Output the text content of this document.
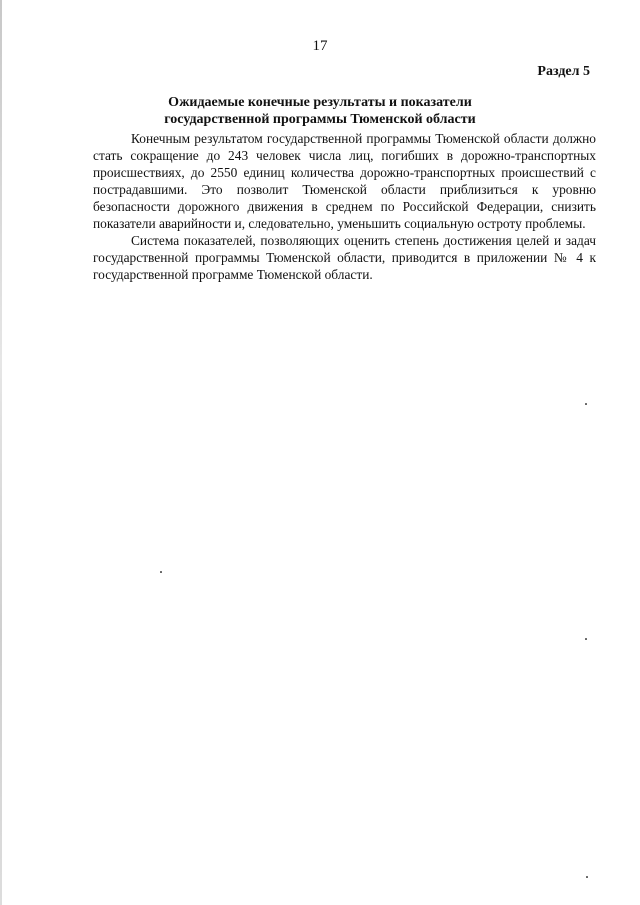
17
Раздел 5
Ожидаемые конечные результаты и показатели
государственной программы Тюменской области

Конечным результатом государственной программы Тюменской области должно стать сокращение до 243 человек числа лиц, погибших в дорожно-транспортных происшествиях, до 2550 единиц количества дорожно-транспортных происшествий с пострадавшими. Это позволит Тюменской области приблизиться к уровню безопасности дорожного движения в среднем по Российской Федерации, снизить показатели аварийности и, следовательно, уменьшить социальную остроту проблемы.

Система показателей, позволяющих оценить степень достижения целей и задач государственной программы Тюменской области, приводится в приложении № 4 к государственной программе Тюменской области.
